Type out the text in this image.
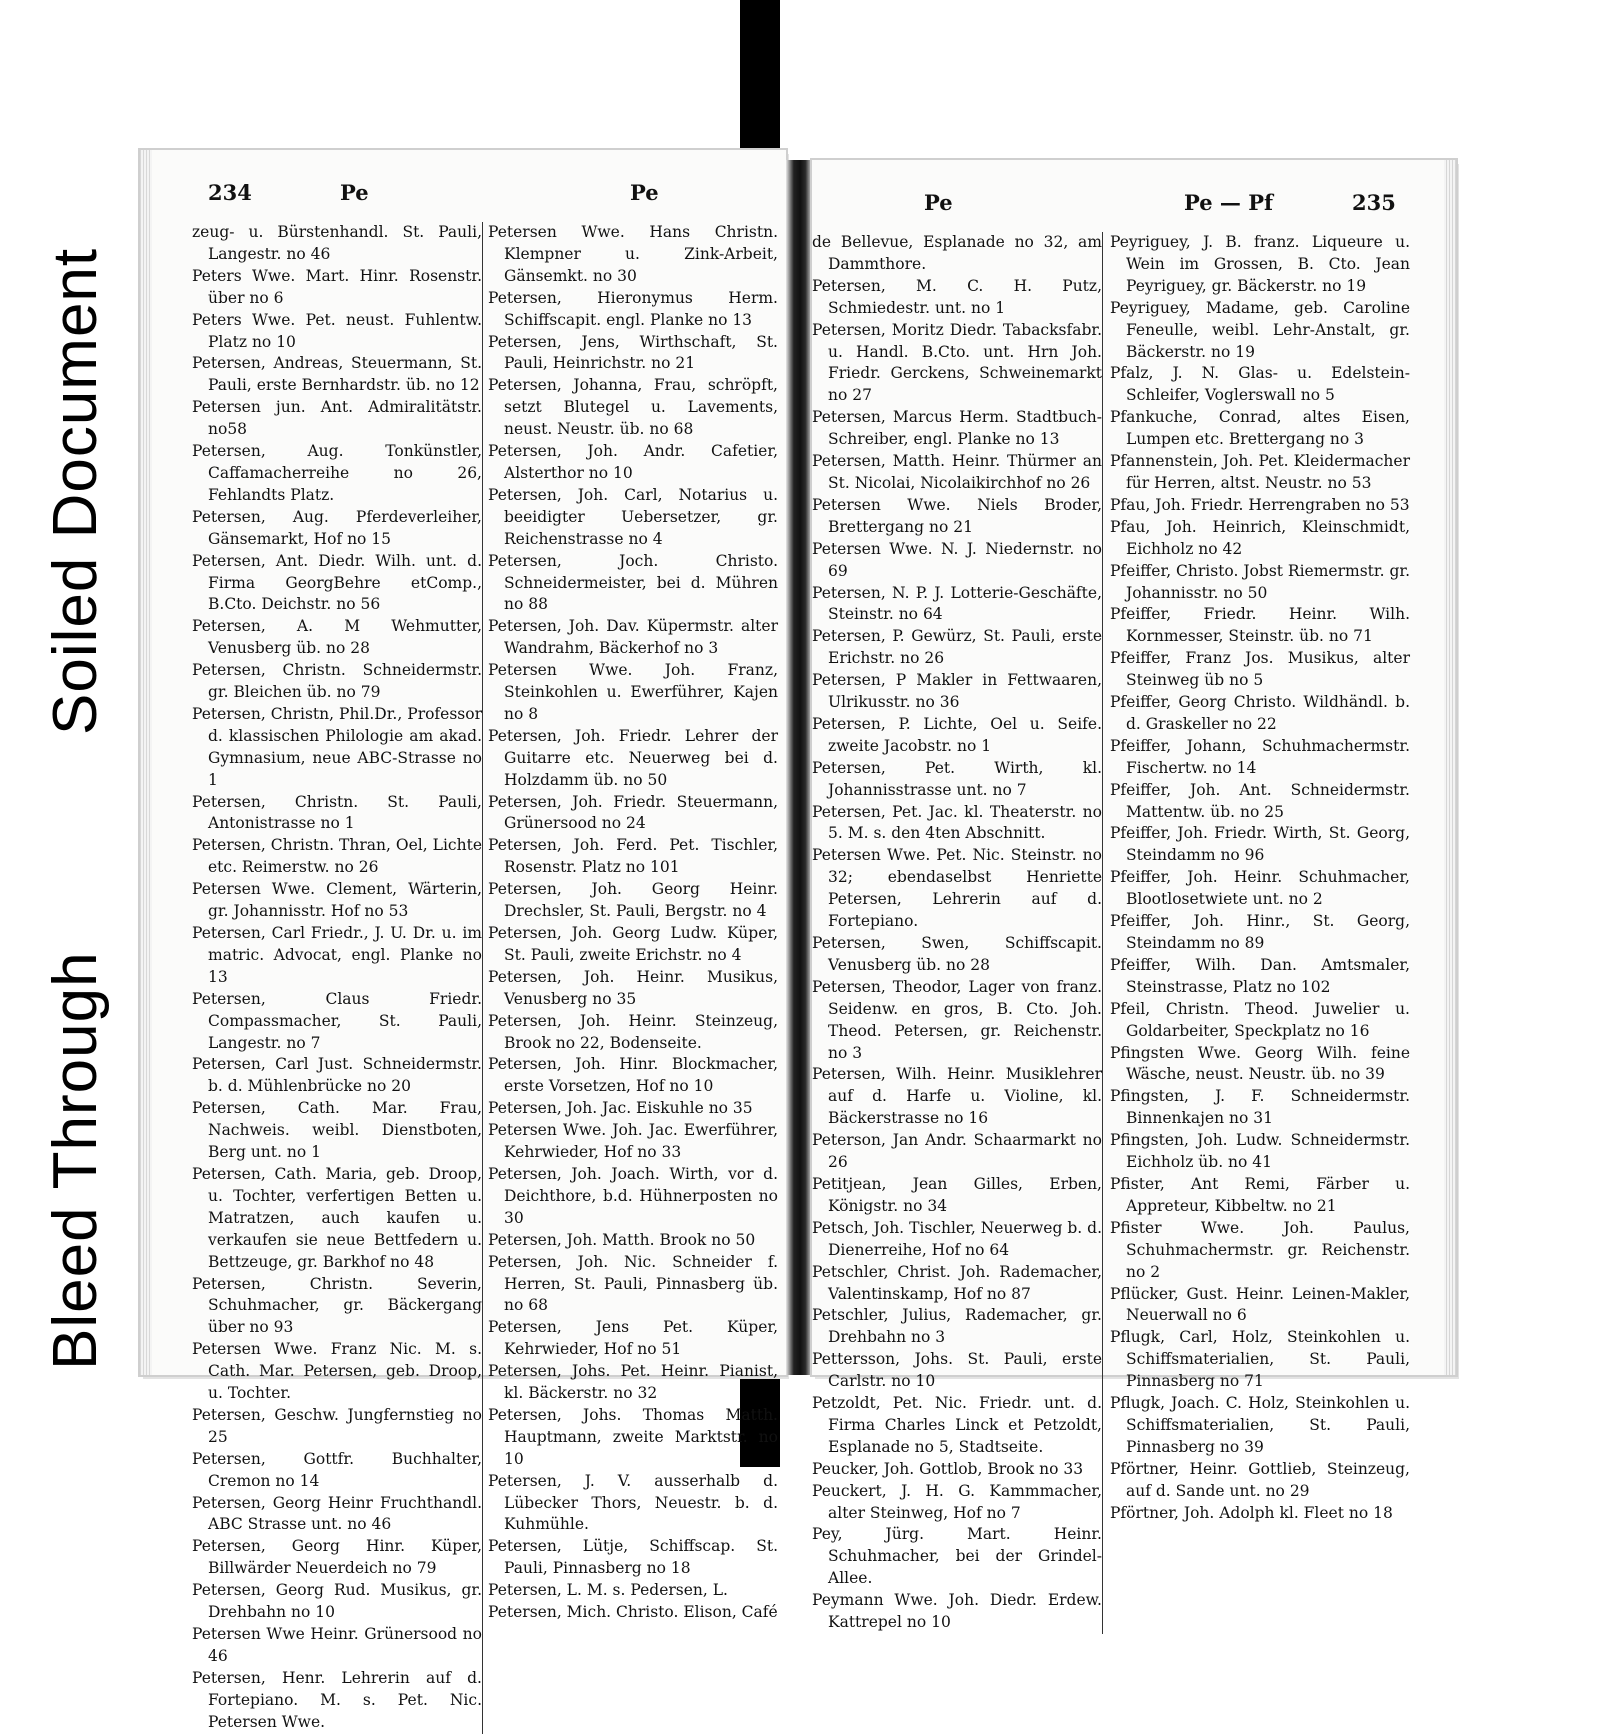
Soiled Document
Bleed Through
234	Pe	Pe
zeug- u. Bürstenhandl. St. Pauli, Langestr. no 46
Peters Wwe. Mart. Hinr. Rosenstr. über no 6
Peters Wwe. Pet. neust. Fuhlentw. Platz no 10
Petersen, Andreas, Steuermann, St. Pauli, erste Bernhardstr. üb. no 12
Petersen jun. Ant. Admiralitätstr. no58
Petersen, Aug. Tonkünstler, Caffamacherreihe no 26, Fehlandts Platz.
Petersen, Aug. Pferdeverleiher, Gänsemarkt, Hof no 15
Petersen, Ant. Diedr. Wilh. unt. d. Firma GeorgBehre etComp., B.Cto. Deichstr. no 56
Petersen, A. M Wehmutter, Venusberg üb. no 28
Petersen, Christn. Schneidermstr. gr. Bleichen üb. no 79
Petersen, Christn, Phil.Dr., Professor d. klassischen Philologie am akad. Gymnasium, neue ABC-Strasse no 1
Petersen, Christn. St. Pauli, Antonistrasse no 1
Petersen, Christn. Thran, Oel, Lichte etc. Reimerstw. no 26
Petersen Wwe. Clement, Wärterin, gr. Johannisstr. Hof no 53
Petersen, Carl Friedr., J. U. Dr. u. im matric. Advocat, engl. Planke no 13
Petersen, Claus Friedr. Compassmacher, St. Pauli, Langestr. no 7
Petersen, Carl Just. Schneidermstr. b. d. Mühlenbrücke no 20
Petersen, Cath. Mar. Frau, Nachweis. weibl. Dienstboten, Berg unt. no 1
Petersen, Cath. Maria, geb. Droop, u. Tochter, verfertigen Betten u. Matratzen, auch kaufen u. verkaufen sie neue Bettfedern u. Bettzeuge, gr. Barkhof no 48
Petersen, Christn. Severin, Schuhmacher, gr. Bäckergang über no 93
Petersen Wwe. Franz Nic. M. s. Cath. Mar. Petersen, geb. Droop, u. Tochter.
Petersen, Geschw. Jungfernstieg no 25
Petersen, Gottfr. Buchhalter, Cremon no 14
Petersen, Georg Heinr Fruchthandl. ABC Strasse unt. no 46
Petersen, Georg Hinr. Küper, Billwärder Neuerdeich no 79
Petersen, Georg Rud. Musikus, gr. Drehbahn no 10
Petersen Wwe Heinr. Grünersood no 46
Petersen, Henr. Lehrerin auf d. Fortepiano. M. s. Pet. Nic. Petersen Wwe.
Petersen Wwe. Hans Christn. Klempner u. Zink-Arbeit, Gänsemkt. no 30
Petersen, Hieronymus Herm. Schiffscapit. engl. Planke no 13
Petersen, Jens, Wirthschaft, St. Pauli, Heinrichstr. no 21
Petersen, Johanna, Frau, schröpft, setzt Blutegel u. Lavements, neust. Neustr. üb. no 68
Petersen, Joh. Andr. Cafetier, Alsterthor no 10
Petersen, Joh. Carl, Notarius u. beeidigter Uebersetzer, gr. Reichenstrasse no 4
Petersen, Joch. Christo. Schneidermeister, bei d. Mühren no 88
Petersen, Joh. Dav. Küpermstr. alter Wandrahm, Bäckerhof no 3
Petersen Wwe. Joh. Franz, Steinkohlen u. Ewerführer, Kajen no 8
Petersen, Joh. Friedr. Lehrer der Guitarre etc. Neuerweg bei d. Holzdamm üb. no 50
Petersen, Joh. Friedr. Steuermann, Grünersood no 24
Petersen, Joh. Ferd. Pet. Tischler, Rosenstr. Platz no 101
Petersen, Joh. Georg Heinr. Drechsler, St. Pauli, Bergstr. no 4
Petersen, Joh. Georg Ludw. Küper, St. Pauli, zweite Erichstr. no 4
Petersen, Joh. Heinr. Musikus, Venusberg no 35
Petersen, Joh. Heinr. Steinzeug, Brook no 22, Bodenseite.
Petersen, Joh. Hinr. Blockmacher, erste Vorsetzen, Hof no 10
Petersen, Joh. Jac. Eiskuhle no 35
Petersen Wwe. Joh. Jac. Ewerführer, Kehrwieder, Hof no 33
Petersen, Joh. Joach. Wirth, vor d. Deichthore, b.d. Hühnerposten no 30
Petersen, Joh. Matth. Brook no 50
Petersen, Joh. Nic. Schneider f. Herren, St. Pauli, Pinnasberg üb. no 68
Petersen, Jens Pet. Küper, Kehrwieder, Hof no 51
Petersen, Johs. Pet. Heinr. Pianist, kl. Bäckerstr. no 32
Petersen, Johs. Thomas Matth. Hauptmann, zweite Marktstr. no 10
Petersen, J. V. ausserhalb d. Lübecker Thors, Neuestr. b. d. Kuhmühle.
Petersen, Lütje, Schiffscap. St. Pauli, Pinnasberg no 18
Petersen, L. M. s. Pedersen, L.
Petersen, Mich. Christo. Elison, Café
Pe	Pe — Pf	235
de Bellevue, Esplanade no 32, am Dammthore.
Petersen, M. C. H. Putz, Schmiedestr. unt. no 1
Petersen, Moritz Diedr. Tabacksfabr. u. Handl. B.Cto. unt. Hrn Joh. Friedr. Gerckens, Schweinemarkt no 27
Petersen, Marcus Herm. Stadtbuch-Schreiber, engl. Planke no 13
Petersen, Matth. Heinr. Thürmer an St. Nicolai, Nicolaikirchhof no 26
Petersen Wwe. Niels Broder, Brettergang no 21
Petersen Wwe. N. J. Niedernstr. no 69
Petersen, N. P. J. Lotterie-Geschäfte, Steinstr. no 64
Petersen, P. Gewürz, St. Pauli, erste Erichstr. no 26
Petersen, P Makler in Fettwaaren, Ulrikusstr. no 36
Petersen, P. Lichte, Oel u. Seife. zweite Jacobstr. no 1
Petersen, Pet. Wirth, kl. Johannisstrasse unt. no 7
Petersen, Pet. Jac. kl. Theaterstr. no 5. M. s. den 4ten Abschnitt.
Petersen Wwe. Pet. Nic. Steinstr. no 32; ebendaselbst Henriette Petersen, Lehrerin auf d. Fortepiano.
Petersen, Swen, Schiffscapit. Venusberg üb. no 28
Petersen, Theodor, Lager von franz. Seidenw. en gros, B. Cto. Joh. Theod. Petersen, gr. Reichenstr. no 3
Petersen, Wilh. Heinr. Musiklehrer auf d. Harfe u. Violine, kl. Bäckerstrasse no 16
Peterson, Jan Andr. Schaarmarkt no 26
Petitjean, Jean Gilles, Erben, Königstr. no 34
Petsch, Joh. Tischler, Neuerweg b. d. Dienerreihe, Hof no 64
Petschler, Christ. Joh. Rademacher, Valentinskamp, Hof no 87
Petschler, Julius, Rademacher, gr. Drehbahn no 3
Pettersson, Johs. St. Pauli, erste Carlstr. no 10
Petzoldt, Pet. Nic. Friedr. unt. d. Firma Charles Linck et Petzoldt, Esplanade no 5, Stadtseite.
Peucker, Joh. Gottlob, Brook no 33
Peuckert, J. H. G. Kammmacher, alter Steinweg, Hof no 7
Pey, Jürg. Mart. Heinr. Schuhmacher, bei der Grindel-Allee.
Peymann Wwe. Joh. Diedr. Erdew. Kattrepel no 10
Peyriguey, J. B. franz. Liqueure u. Wein im Grossen, B. Cto. Jean Peyriguey, gr. Bäckerstr. no 19
Peyriguey, Madame, geb. Caroline Feneulle, weibl. Lehr-Anstalt, gr. Bäckerstr. no 19
Pfalz, J. N. Glas- u. Edelstein-Schleifer, Voglerswall no 5
Pfankuche, Conrad, altes Eisen, Lumpen etc. Brettergang no 3
Pfannenstein, Joh. Pet. Kleidermacher für Herren, altst. Neustr. no 53
Pfau, Joh. Friedr. Herrengraben no 53
Pfau, Joh. Heinrich, Kleinschmidt, Eichholz no 42
Pfeiffer, Christo. Jobst Riemermstr. gr. Johannisstr. no 50
Pfeiffer, Friedr. Heinr. Wilh. Kornmesser, Steinstr. üb. no 71
Pfeiffer, Franz Jos. Musikus, alter Steinweg üb no 5
Pfeiffer, Georg Christo. Wildhändl. b. d. Graskeller no 22
Pfeiffer, Johann, Schuhmachermstr. Fischertw. no 14
Pfeiffer, Joh. Ant. Schneidermstr. Mattentw. üb. no 25
Pfeiffer, Joh. Friedr. Wirth, St. Georg, Steindamm no 96
Pfeiffer, Joh. Heinr. Schuhmacher, Blootlosetwiete unt. no 2
Pfeiffer, Joh. Hinr., St. Georg, Steindamm no 89
Pfeiffer, Wilh. Dan. Amtsmaler, Steinstrasse, Platz no 102
Pfeil, Christn. Theod. Juwelier u. Goldarbeiter, Speckplatz no 16
Pfingsten Wwe. Georg Wilh. feine Wäsche, neust. Neustr. üb. no 39
Pfingsten, J. F. Schneidermstr. Binnenkajen no 31
Pfingsten, Joh. Ludw. Schneidermstr. Eichholz üb. no 41
Pfister, Ant Remi, Färber u. Appreteur, Kibbeltw. no 21
Pfister Wwe. Joh. Paulus, Schuhmachermstr. gr. Reichenstr. no 2
Pflücker, Gust. Heinr. Leinen-Makler, Neuerwall no 6
Pflugk, Carl, Holz, Steinkohlen u. Schiffsmaterialien, St. Pauli, Pinnasberg no 71
Pflugk, Joach. C. Holz, Steinkohlen u. Schiffsmaterialien, St. Pauli, Pinnasberg no 39
Pförtner, Heinr. Gottlieb, Steinzeug, auf d. Sande unt. no 29
Pförtner, Joh. Adolph kl. Fleet no 18
